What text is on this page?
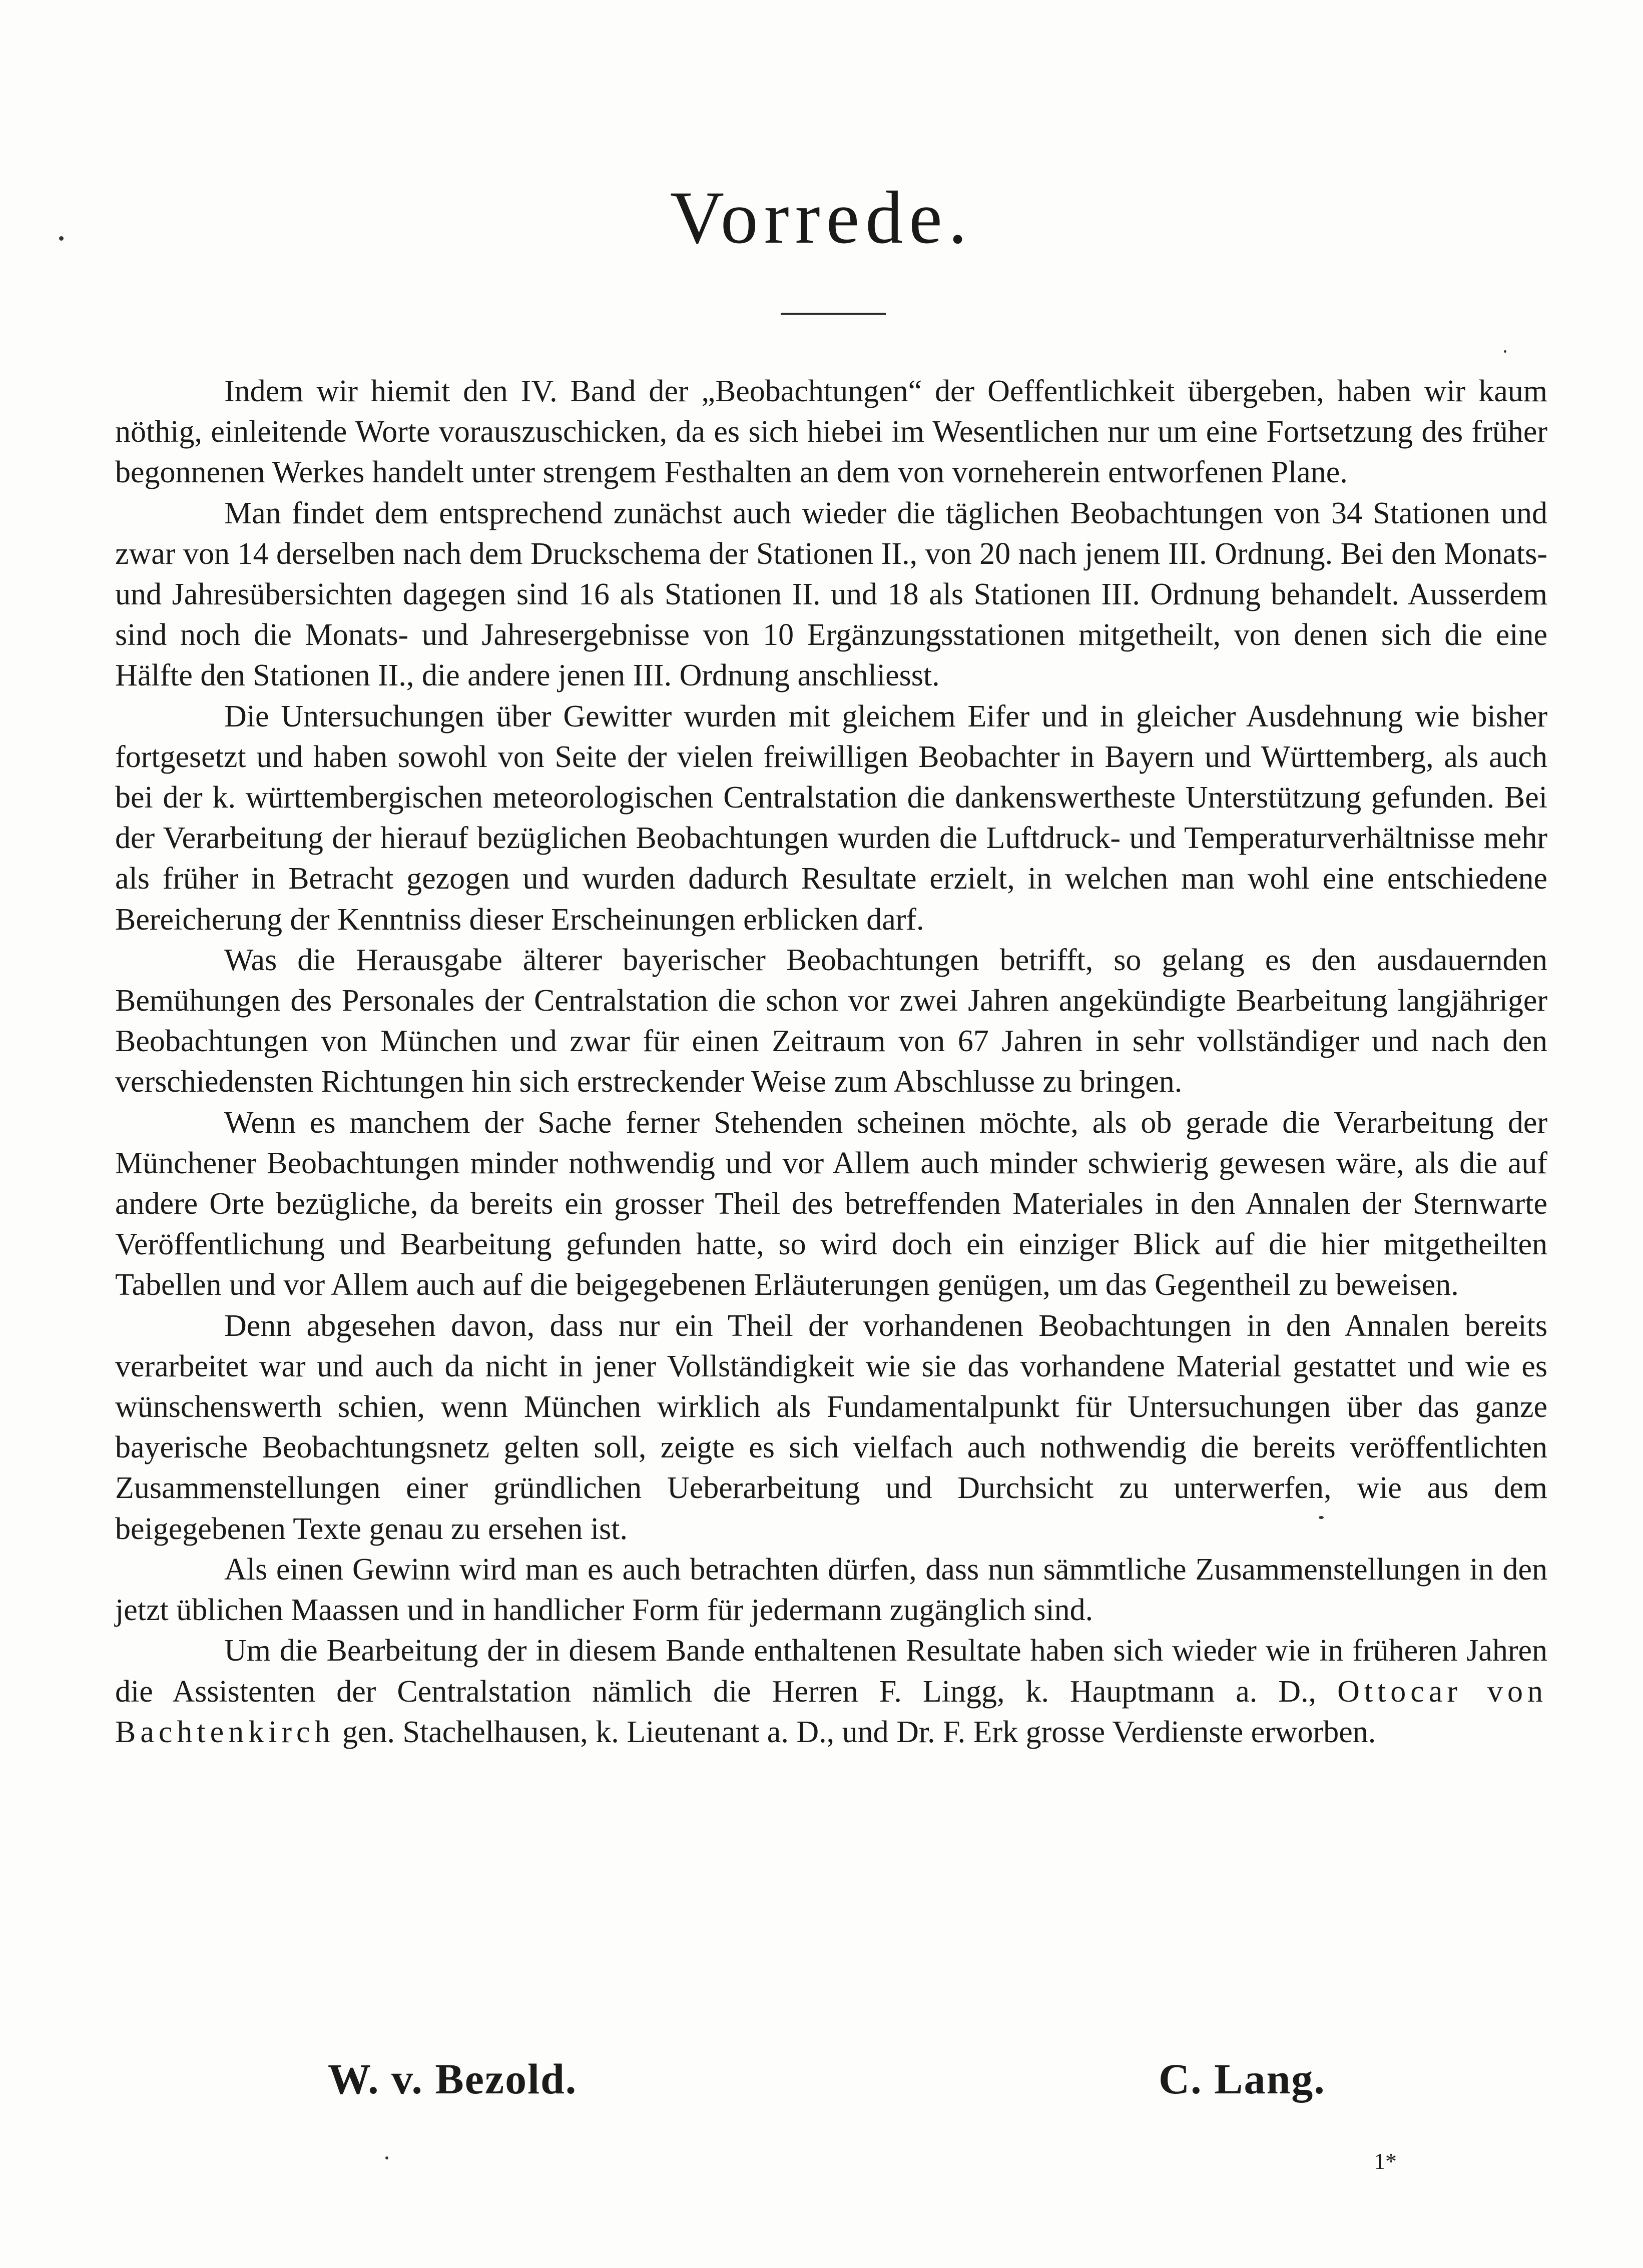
Vorrede.

Indem wir hiemit den IV. Band der „Beobachtungen“ der Oeffentlichkeit übergeben, haben wir kaum nöthig, einleitende Worte vorauszuschicken, da es sich hiebei im Wesentlichen nur um eine Fortsetzung des früher begonnenen Werkes handelt unter strengem Festhalten an dem von vorneherein entworfenen Plane.

Man findet dem entsprechend zunächst auch wieder die täglichen Beobachtungen von 34 Stationen und zwar von 14 derselben nach dem Druckschema der Stationen II., von 20 nach jenem III. Ordnung. Bei den Monats- und Jahresübersichten dagegen sind 16 als Stationen II. und 18 als Stationen III. Ordnung behandelt. Ausserdem sind noch die Monats- und Jahresergebnisse von 10 Ergänzungsstationen mitgetheilt, von denen sich die eine Hälfte den Stationen II., die andere jenen III. Ordnung anschliesst.

Die Untersuchungen über Gewitter wurden mit gleichem Eifer und in gleicher Ausdehnung wie bisher fortgesetzt und haben sowohl von Seite der vielen freiwilligen Beobachter in Bayern und Württemberg, als auch bei der k. württembergischen meteorologischen Centralstation die dankenswertheste Unterstützung gefunden. Bei der Verarbeitung der hierauf bezüglichen Beobachtungen wurden die Luftdruck- und Temperaturverhältnisse mehr als früher in Betracht gezogen und wurden dadurch Resultate erzielt, in welchen man wohl eine entschiedene Bereicherung der Kenntniss dieser Erscheinungen erblicken darf.

Was die Herausgabe älterer bayerischer Beobachtungen betrifft, so gelang es den ausdauernden Bemühungen des Personales der Centralstation die schon vor zwei Jahren angekündigte Bearbeitung langjähriger Beobachtungen von München und zwar für einen Zeitraum von 67 Jahren in sehr vollständiger und nach den verschiedensten Richtungen hin sich erstreckender Weise zum Abschlusse zu bringen.

Wenn es manchem der Sache ferner Stehenden scheinen möchte, als ob gerade die Verarbeitung der Münchener Beobachtungen minder nothwendig und vor Allem auch minder schwierig gewesen wäre, als die auf andere Orte bezügliche, da bereits ein grosser Theil des betreffenden Materiales in den Annalen der Sternwarte Veröffentlichung und Bearbeitung gefunden hatte, so wird doch ein einziger Blick auf die hier mitgetheilten Tabellen und vor Allem auch auf die beigegebenen Erläuterungen genügen, um das Gegentheil zu beweisen.

Denn abgesehen davon, dass nur ein Theil der vorhandenen Beobachtungen in den Annalen bereits verarbeitet war und auch da nicht in jener Vollständigkeit wie sie das vorhandene Material gestattet und wie es wünschenswerth schien, wenn München wirklich als Fundamentalpunkt für Untersuchungen über das ganze bayerische Beobachtungsnetz gelten soll, zeigte es sich vielfach auch nothwendig die bereits veröffentlichten Zusammenstellungen einer gründlichen Ueberarbeitung und Durchsicht zu unterwerfen, wie aus dem beigegebenen Texte genau zu ersehen ist.

Als einen Gewinn wird man es auch betrachten dürfen, dass nun sämmtliche Zusammenstellungen in den jetzt üblichen Maassen und in handlicher Form für jedermann zugänglich sind.

Um die Bearbeitung der in diesem Bande enthaltenen Resultate haben sich wieder wie in früheren Jahren die Assistenten der Centralstation nämlich die Herren F. Lingg, k. Hauptmann a. D., Ottocar von Bachtenkirch gen. Stachelhausen, k. Lieutenant a. D., und Dr. F. Erk grosse Verdienste erworben.

W. v. Bezold.	C. Lang.
1*
